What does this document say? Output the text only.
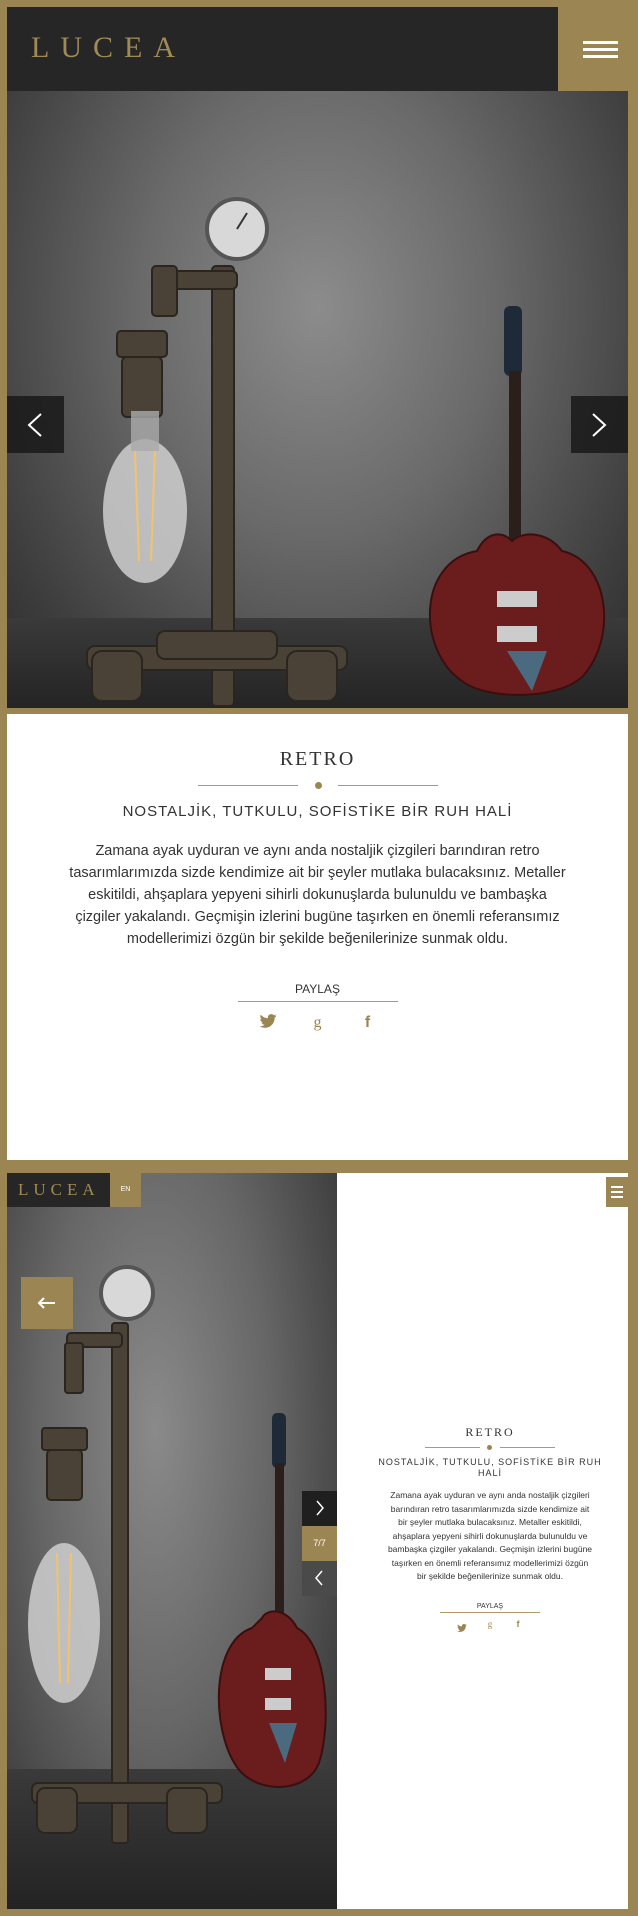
LUCEA
RETRO
NOSTALJİK, TUTKULU, SOFİSTİKE BİR RUH HALİ
Zamana ayak uyduran ve aynı anda nostaljik çizgileri barındıran retro tasarımlarımızda sizde kendimize ait bir şeyler mutlaka bulacaksınız. Metaller eskitildi, ahşaplara yepyeni sihirli dokunuşlarda bulunuldu ve bambaşka çizgiler yakalandı. Geçmişin izlerini bugüne taşırken en önemli referansımız modellerimizi özgün bir şekilde beğenilerinize sunmak oldu.
PAYLAŞ
g	f
LUCEA	EN
7/7
RETRO
NOSTALJİK, TUTKULU, SOFİSTİKE BİR RUH HALİ
Zamana ayak uyduran ve aynı anda nostaljik çizgileri barındıran retro tasarımlarımızda sizde kendimize ait bir şeyler mutlaka bulacaksınız. Metaller eskitildi, ahşaplara yepyeni sihirli dokunuşlarda bulunuldu ve bambaşka çizgiler yakalandı. Geçmişin izlerini bugüne taşırken en önemli referansımız modellerimizi özgün bir şekilde beğenilerinize sunmak oldu.
PAYLAŞ
g	f
